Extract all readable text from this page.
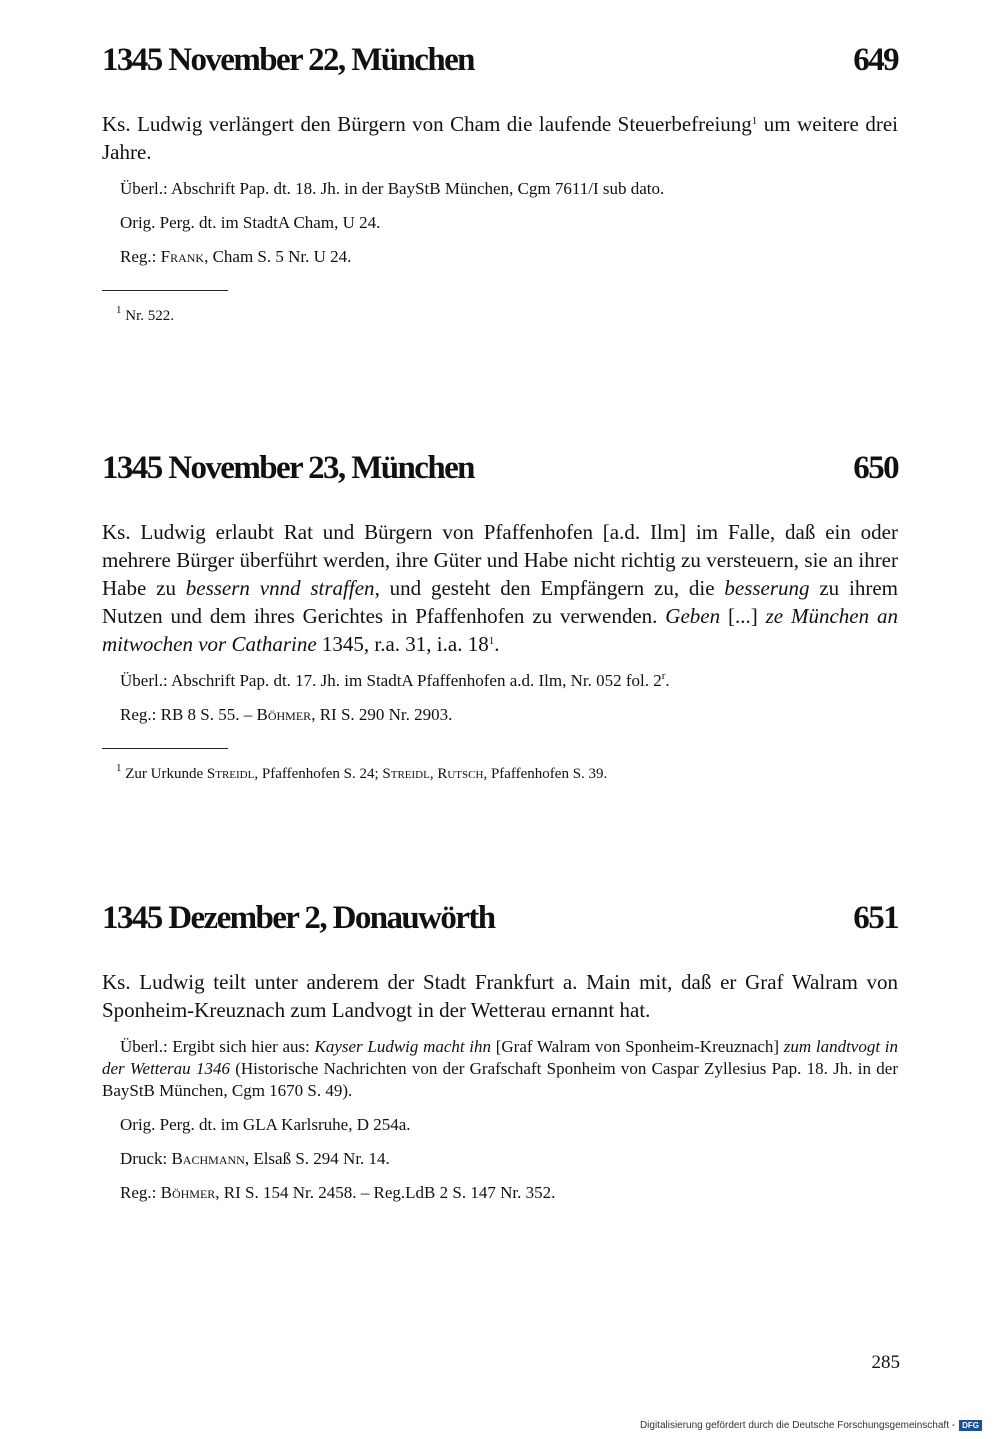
1345 November 22, München	649

Ks. Ludwig verlängert den Bürgern von Cham die laufende Steuerbefreiung$^1$ um weitere drei Jahre.

Überl.: Abschrift Pap. dt. 18. Jh. in der BayStB München, Cgm 7611/I sub dato.

Orig. Perg. dt. im StadtA Cham, U 24.

Reg.: Frank, Cham S. 5 Nr. U 24.

$^1$ Nr. 522.

1345 November 23, München	650

Ks. Ludwig erlaubt Rat und Bürgern von Pfaffenhofen [a.d. Ilm] im Falle, daß ein oder mehrere Bürger überführt werden, ihre Güter und Habe nicht richtig zu versteuern, sie an ihrer Habe zu bessern vnnd straffen, und gesteht den Empfängern zu, die besserung zu ihrem Nutzen und dem ihres Gerichtes in Pfaffenhofen zu verwenden. Geben [...] ze München an mitwochen vor Catharine 1345, r.a. 31, i.a. $18^1$.

Überl.: Abschrift Pap. dt. 17. Jh. im StadtA Pfaffenhofen a.d. Ilm, Nr. 052 fol. 2$^r$.

Reg.: RB 8 S. 55. – Böhmer, RI S. 290 Nr. 2903.

$^1$ Zur Urkunde Streidl, Pfaffenhofen S. 24; Streidl, Rutsch, Pfaffenhofen S. 39.

1345 Dezember 2, Donauwörth	651

Ks. Ludwig teilt unter anderem der Stadt Frankfurt a. Main mit, daß er Graf Walram von Sponheim-Kreuznach zum Landvogt in der Wetterau ernannt hat.

Überl.: Ergibt sich hier aus: Kayser Ludwig macht ihn [Graf Walram von Sponheim-Kreuznach] zum landtvogt in der Wetterau 1346 (Historische Nachrichten von der Grafschaft Sponheim von Caspar Zyllesius Pap. 18. Jh. in der BayStB München, Cgm 1670 S. 49).

Orig. Perg. dt. im GLA Karlsruhe, D 254a.

Druck: Bachmann, Elsaß S. 294 Nr. 14.

Reg.: Böhmer, RI S. 154 Nr. 2458. – Reg.LdB 2 S. 147 Nr. 352.

285
Digitalisierung gefördert durch die Deutsche Forschungsgemeinschaft - DFG
